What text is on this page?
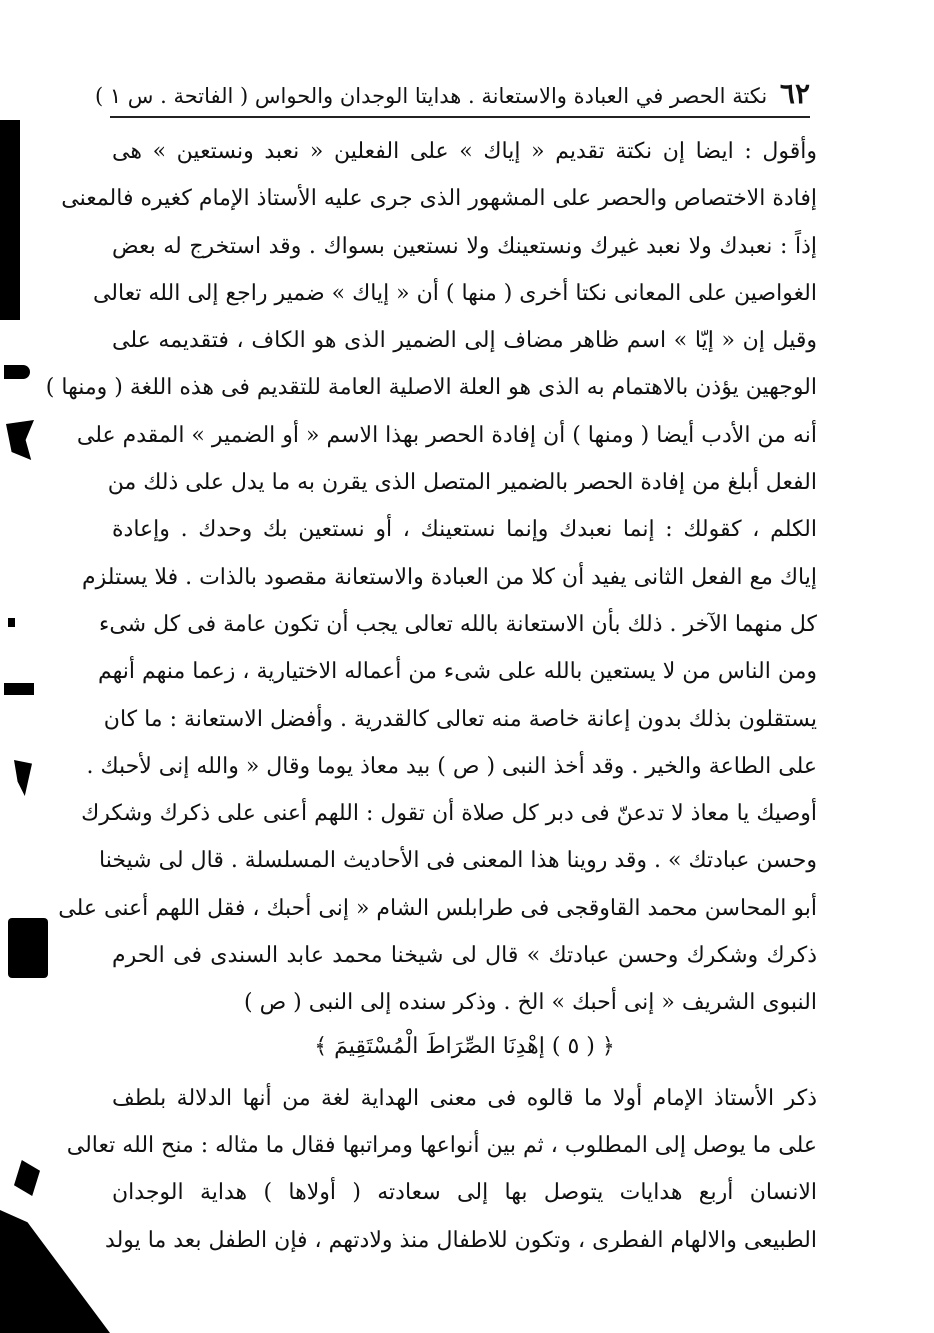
٦٢ نكتة الحصر في العبادة والاستعانة . هدايتا الوجدان والحواس ( الفاتحة . س ١ )
وأقول : ايضا إن نكتة تقديم « إياك » على الفعلين « نعبد ونستعين » هى
إفادة الاختصاص والحصر على المشهور الذى جرى عليه الأستاذ الإمام كغيره فالمعنى
إذاً : نعبدك ولا نعبد غيرك ونستعينك ولا نستعين بسواك . وقد استخرج له بعض
الغواصين على المعانى نكتا أخرى ( منها ) أن « إياك » ضمير راجع إلى الله تعالى
وقيل إن « إيّا » اسم ظاهر مضاف إلى الضمير الذى هو الكاف ، فتقديمه على
الوجهين يؤذن بالاهتمام به الذى هو العلة الاصلية العامة للتقديم فى هذه اللغة ( ومنها )
أنه من الأدب أيضا ( ومنها ) أن إفادة الحصر بهذا الاسم « أو الضمير » المقدم على
الفعل أبلغ من إفادة الحصر بالضمير المتصل الذى يقرن به ما يدل على ذلك من
الكلم ، كقولك : إنما نعبدك وإنما نستعينك ، أو نستعين بك وحدك . وإعادة
إياك مع الفعل الثانى يفيد أن كلا من العبادة والاستعانة مقصود بالذات . فلا يستلزم
كل منهما الآخر . ذلك بأن الاستعانة بالله تعالى يجب أن تكون عامة فى كل شىء
ومن الناس من لا يستعين بالله على شىء من أعماله الاختيارية ، زعما منهم أنهم
يستقلون بذلك بدون إعانة خاصة منه تعالى كالقدرية . وأفضل الاستعانة : ما كان
على الطاعة والخير . وقد أخذ النبى ( ص ) بيد معاذ يوما وقال « والله إنى لأحبك .
أوصيك يا معاذ لا تدعنّ فى دبر كل صلاة أن تقول : اللهم أعنى على ذكرك وشكرك
وحسن عبادتك » . وقد روينا هذا المعنى فى الأحاديث المسلسلة . قال لى شيخنا
أبو المحاسن محمد القاوقجى فى طرابلس الشام « إنى أحبك ، فقل اللهم أعنى على
ذكرك وشكرك وحسن عبادتك » قال لى شيخنا محمد عابد السندى فى الحرم
النبوى الشريف « إنى أحبك » الخ . وذكر سنده إلى النبى ( ص )
﴿ ( ٥ ) إهْدِنَا الصِّرَاطَ الْمُسْتَقِيمَ ﴾
ذكر الأستاذ الإمام أولا ما قالوه فى معنى الهداية لغة من أنها الدلالة بلطف
على ما يوصل إلى المطلوب ، ثم بين أنواعها ومراتبها فقال ما مثاله : منح الله تعالى
الانسان أربع هدايات يتوصل بها إلى سعادته ( أولاها ) هداية الوجدان
الطبيعى والالهام الفطرى ، وتكون للاطفال منذ ولادتهم ، فإن الطفل بعد ما يولد
